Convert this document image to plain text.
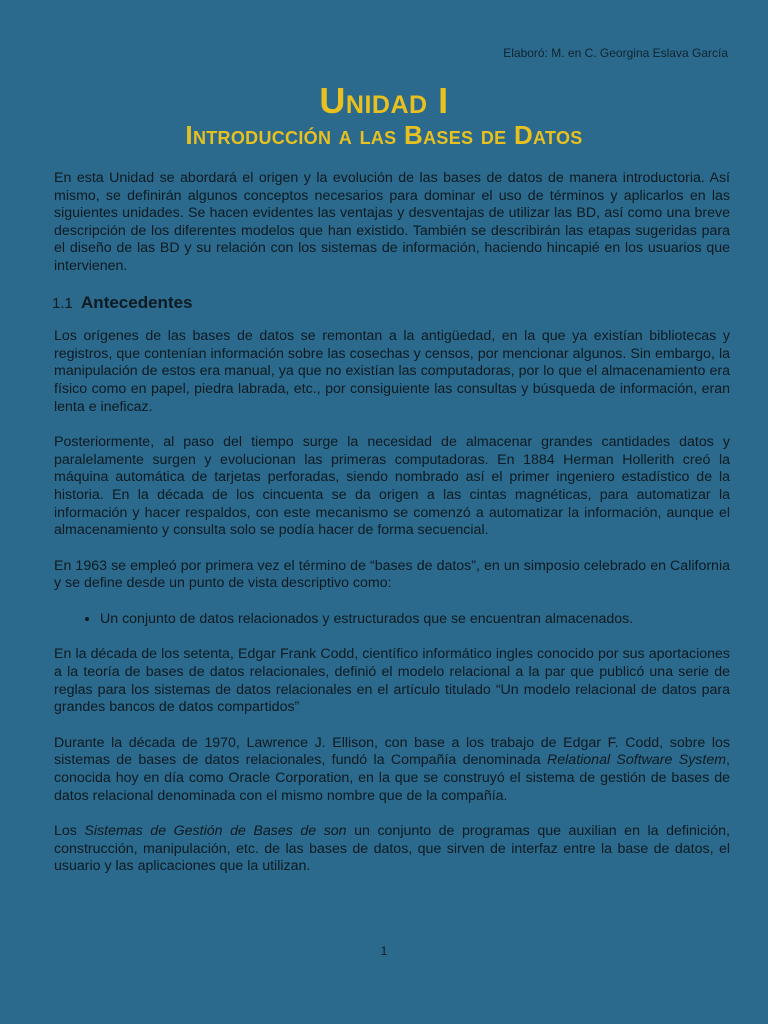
Elaboró: M. en C. Georgina Eslava García
Unidad I
Introducción a las Bases de Datos

En esta Unidad se abordará el origen y la evolución de las bases de datos de manera introductoria. Así mismo, se definirán algunos conceptos necesarios para dominar el uso de términos y aplicarlos en las siguientes unidades. Se hacen evidentes las ventajas y desventajas de utilizar las BD, así como una breve descripción de los diferentes modelos que han existido. También se describirán las etapas sugeridas para el diseño de las BD y su relación con los sistemas de información, haciendo hincapié en los usuarios que intervienen.

1.1 Antecedentes

Los orígenes de las bases de datos se remontan a la antigüedad, en la que ya existían bibliotecas y registros, que contenían información sobre las cosechas y censos, por mencionar algunos. Sin embargo, la manipulación de estos era manual, ya que no existían las computadoras, por lo que el almacenamiento era físico como en papel, piedra labrada, etc., por consiguiente las consultas y búsqueda de información, eran lenta e ineficaz.

Posteriormente, al paso del tiempo surge la necesidad de almacenar grandes cantidades datos y paralelamente surgen y evolucionan las primeras computadoras. En 1884 Herman Hollerith creó la máquina automática de tarjetas perforadas, siendo nombrado así el primer ingeniero estadístico de la historia. En la década de los cincuenta se da origen a las cintas magnéticas, para automatizar la información y hacer respaldos, con este mecanismo se comenzó a automatizar la información, aunque el almacenamiento y consulta solo se podía hacer de forma secuencial.

En 1963 se empleó por primera vez el término de “bases de datos”, en un simposio celebrado en California y se define desde un punto de vista descriptivo como:

• Un conjunto de datos relacionados y estructurados que se encuentran almacenados.

En la década de los setenta, Edgar Frank Codd, científico informático ingles conocido por sus aportaciones a la teoría de bases de datos relacionales, definió el modelo relacional a la par que publicó una serie de reglas para los sistemas de datos relacionales en el artículo titulado “Un modelo relacional de datos para grandes bancos de datos compartidos”

Durante la década de 1970, Lawrence J. Ellison, con base a los trabajo de Edgar F. Codd, sobre los sistemas de bases de datos relacionales, fundó la Compañía denominada Relational Software System, conocida hoy en día como Oracle Corporation, en la que se construyó el sistema de gestión de bases de datos relacional denominada con el mismo nombre que de la compañía.

Los Sistemas de Gestión de Bases de son un conjunto de programas que auxilian en la definición, construcción, manipulación, etc. de las bases de datos, que sirven de interfaz entre la base de datos, el usuario y las aplicaciones que la utilizan.

1
